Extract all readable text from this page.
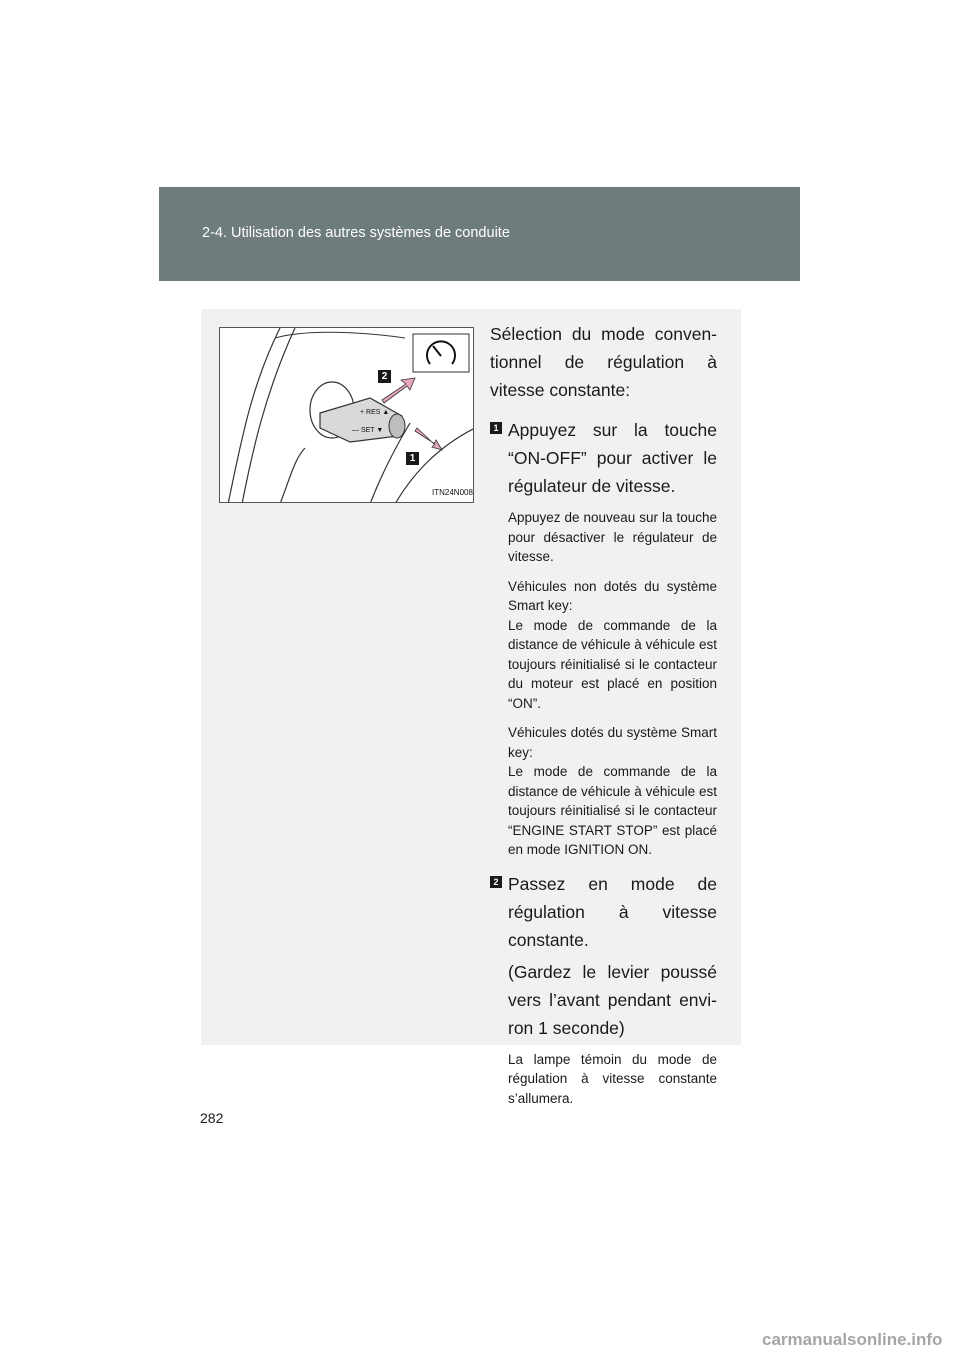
2-4. Utilisation des autres systèmes de conduite
+ RES ▲
— SET ▼
2
1
ITN24N008

Sélection du mode conventionnel de régulation à vitesse constante:

1 Appuyez sur la touche “ON-OFF” pour activer le régulateur de vitesse.

Appuyez de nouveau sur la touche pour désactiver le régulateur de vitesse.

Véhicules non dotés du système Smart key:

Le mode de commande de la distance de véhicule à véhicule est toujours réinitialisé si le contacteur du moteur est placé en position “ON”.

Véhicules dotés du système Smart key:

Le mode de commande de la distance de véhicule à véhicule est toujours réinitialisé si le contacteur “ENGINE START STOP” est placé en mode IGNITION ON.

2 Passez en mode de régulation à vitesse constante.
(Gardez le levier poussé vers l’avant pendant environ 1 seconde)

La lampe témoin du mode de régulation à vitesse constante s’allumera.

282
carmanualsonline.info
